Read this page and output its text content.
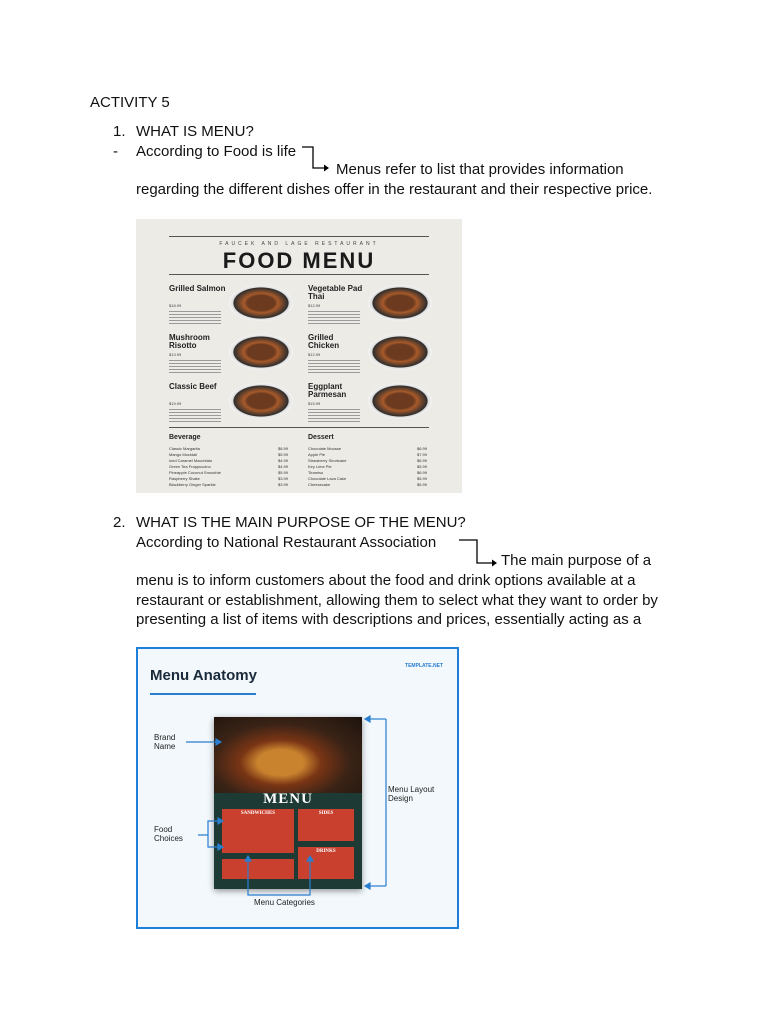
ACTIVITY 5
1. WHAT IS MENU?
- According to Food is life
Menus refer to list that provides information
regarding the different dishes offer in the restaurant and their respective price.
FAUCEK AND LAGE RESTAURANT
FOOD MENU
Grilled Salmon
$18.99
Vegetable Pad Thai
$12.99
Mushroom Risotto
$13.99
Grilled Chicken
$12.99
Classic Beef
$19.99
Eggplant Parmesan
$15.99
Beverage	Dessert
Classic Margarita	$8.99
Mango Mocktail	$5.99
Iced Caramel Macchiato	$4.99
Green Tea Frappuccino	$4.99
Pineapple Coconut Smoothie	$5.99
Raspberry Shake	$3.99
Blackberry Ginger Sparkle	$3.99
Chocolate Mousse	$6.99
Apple Pie	$7.99
Strawberry Shortcake	$6.99
Key Lime Pie	$5.99
Tiramisu	$6.99
Chocolate Lava Cake	$5.99
Cheesecake	$5.99
2. WHAT IS THE MAIN PURPOSE OF THE MENU?
According to National Restaurant Association
The main purpose of a
menu is to inform customers about the food and drink options available at a
restaurant or establishment, allowing them to select what they want to order by
presenting a list of items with descriptions and prices, essentially acting as a
Menu Anatomy
TEMPLATE.NET
Brand Name
Menu Layout Design
Food Choices
Menu Categories
MENU
SANDWICHES	SIDES
DRINKS
